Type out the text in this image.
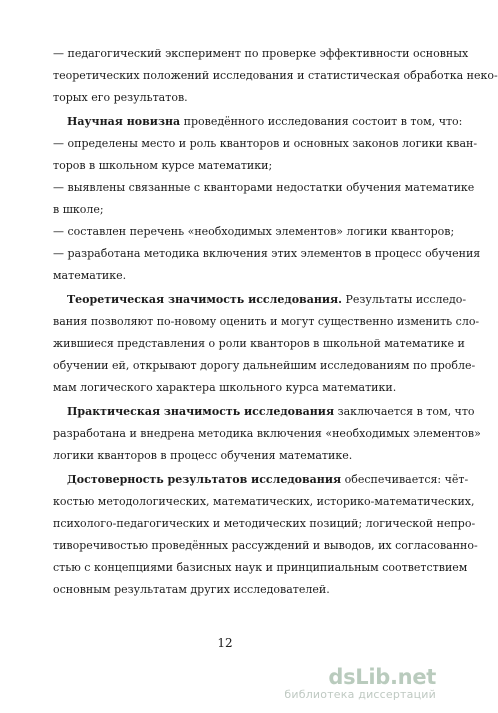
— педагогический эксперимент по проверке эффективности основных
теоретических положений исследования и статистическая обработка неко-
торых его результатов.
Научная новизна проведённого исследования состоит в том, что:
— определены место и роль кванторов и основных законов логики кван-
торов в школьном курсе математики;
— выявлены связанные с кванторами недостатки обучения математике
в школе;
— составлен перечень «необходимых элементов» логики кванторов;
— разработана методика включения этих элементов в процесс обучения
математике.
Теоретическая значимость исследования. Результаты исследо-
вания позволяют по-новому оценить и могут существенно изменить сло-
жившиеся представления о роли кванторов в школьной математике и
обучении ей, открывают дорогу дальнейшим исследованиям по пробле-
мам логического характера школьного курса математики.
Практическая значимость исследования заключается в том, что
разработана и внедрена методика включения «необходимых элементов»
логики кванторов в процесс обучения математике.
Достоверность результатов исследования обеспечивается: чёт-
костью методологических, математических, историко-математических,
психолого-педагогических и методических позиций; логической непро-
тиворечивостью проведённых рассуждений и выводов, их согласованно-
стью с концепциями базисных наук и принципиальным соответствием
основным результатам других исследователей.
12
dsLib.net
библиотека диссертаций
